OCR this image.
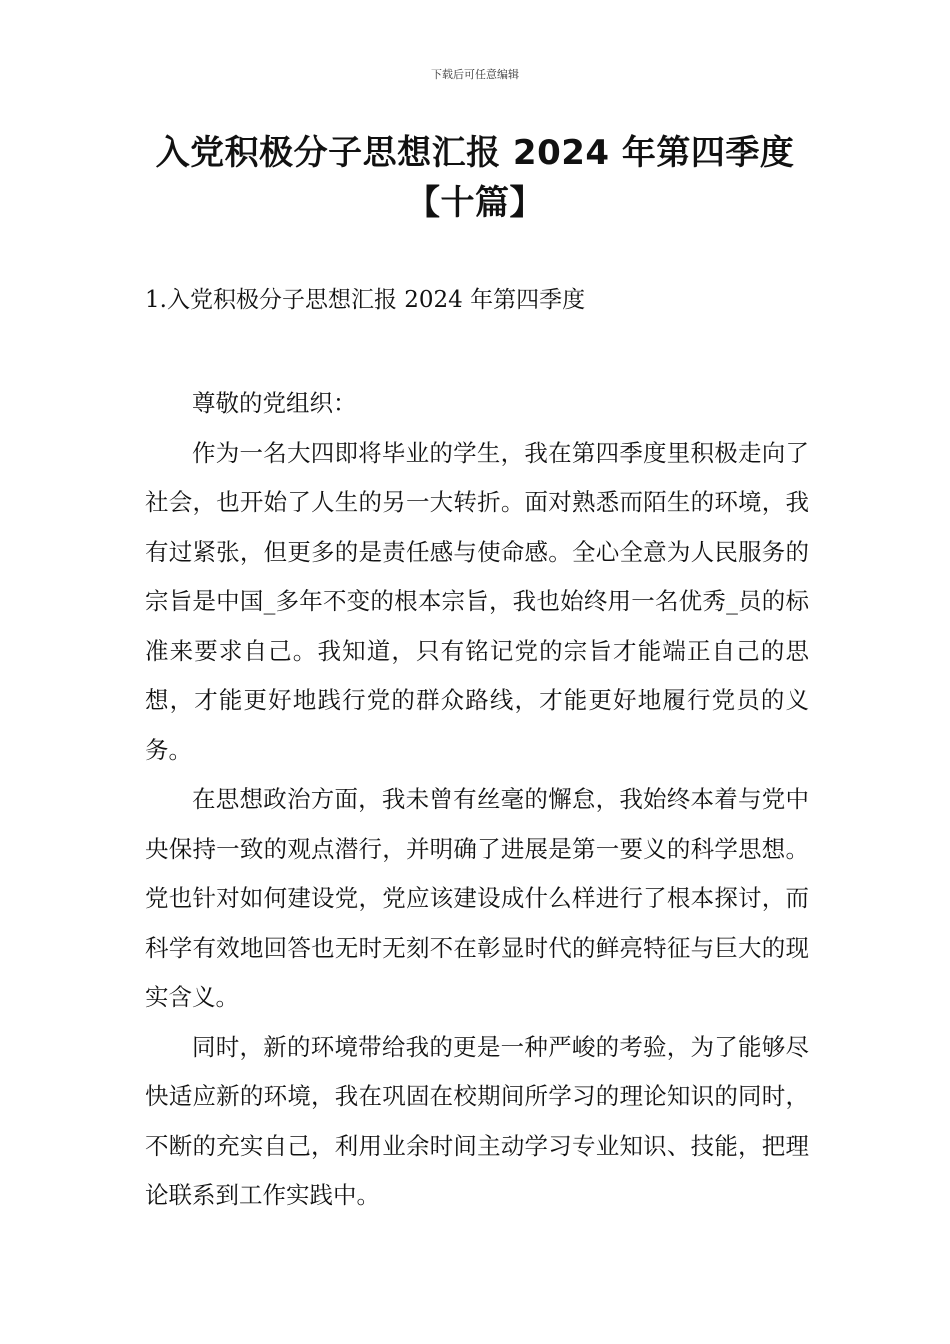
下载后可任意编辑
入党积极分子思想汇报 2024 年第四季度
【十篇】
1.入党积极分子思想汇报 2024 年第四季度

尊敬的党组织：

作为一名大四即将毕业的学生，我在第四季度里积极走向了社会，也开始了人生的另一大转折。面对熟悉而陌生的环境，我有过紧张，但更多的是责任感与使命感。全心全意为人民服务的宗旨是中国_多年不变的根本宗旨，我也始终用一名优秀_员的标准来要求自己。我知道，只有铭记党的宗旨才能端正自己的思想，才能更好地践行党的群众路线，才能更好地履行党员的义务。

在思想政治方面，我未曾有丝毫的懈怠，我始终本着与党中央保持一致的观点潜行，并明确了进展是第一要义的科学思想。党也针对如何建设党，党应该建设成什么样进行了根本探讨，而科学有效地回答也无时无刻不在彰显时代的鲜亮特征与巨大的现实含义。

同时，新的环境带给我的更是一种严峻的考验，为了能够尽快适应新的环境，我在巩固在校期间所学习的理论知识的同时，不断的充实自己，利用业余时间主动学习专业知识、技能，把理论联系到工作实践中。
